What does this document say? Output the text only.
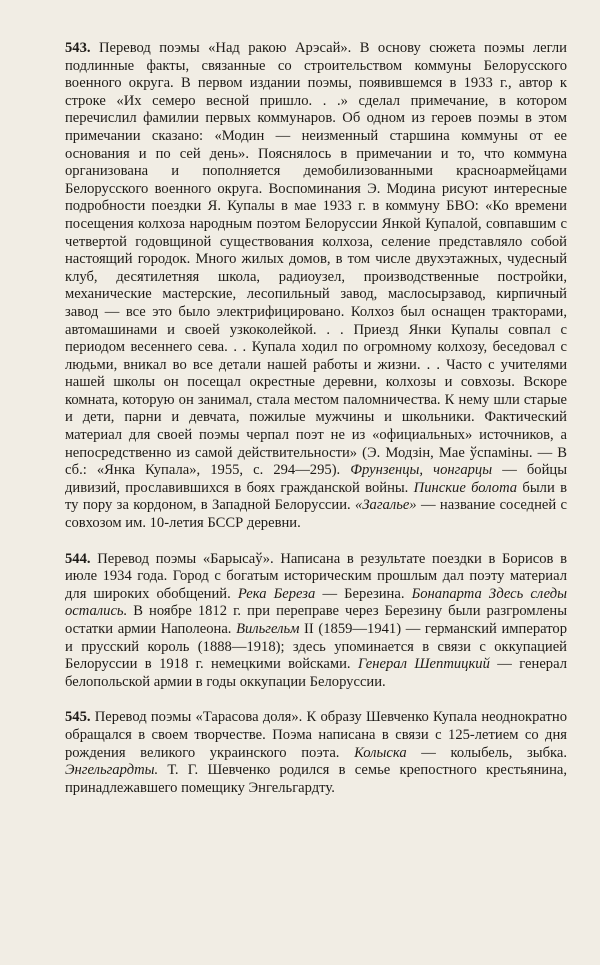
543. Перевод поэмы «Над ракою Арэсай». В основу сюжета поэмы легли подлинные факты, связанные со строительством коммуны Белорусского военного округа. В первом издании поэмы, появившемся в 1933 г., автор к строке «Их семеро весной пришло. . .» сделал примечание, в котором перечислил фамилии первых коммунаров. Об одном из героев поэмы в этом примечании сказано: «Модин — неизменный старшина коммуны от ее основания и по сей день». Пояснялось в примечании и то, что коммуна организована и пополняется демобилизованными красноармейцами Белорусского военного округа. Воспоминания Э. Модина рисуют интересные подробности поездки Я. Купалы в мае 1933 г. в коммуну БВО: «Ко времени посещения колхоза народным поэтом Белоруссии Янкой Купалой, совпавшим с четвертой годовщиной существования колхоза, селение представляло собой настоящий городок. Много жилых домов, в том числе двухэтажных, чудесный клуб, десятилетняя школа, радиоузел, производственные постройки, механические мастерские, лесопильный завод, маслосырзавод, кирпичный завод — все это было электрифицировано. Колхоз был оснащен тракторами, автомашинами и своей узкоколейкой. . . Приезд Янки Купалы совпал с периодом весеннего сева. . . Купала ходил по огромному колхозу, беседовал с людьми, вникал во все детали нашей работы и жизни. . . Часто с учителями нашей школы он посещал окрестные деревни, колхозы и совхозы. Вскоре комната, которую он занимал, стала местом паломничества. К нему шли старые и дети, парни и девчата, пожилые мужчины и школьники. Фактический материал для своей поэмы черпал поэт не из «официальных» источников, а непосредственно из самой действительности» (Э. Модзін, Мае ўспаміны. — В сб.: «Янка Купала», 1955, с. 294—295). Фрунзенцы, чонгарцы — бойцы дивизий, прославившихся в боях гражданской войны. Пинские болота были в ту пору за кордоном, в Западной Белоруссии. «Загалье» — название соседней с совхозом им. 10-летия БССР деревни.

544. Перевод поэмы «Барысаў». Написана в результате поездки в Борисов в июле 1934 года. Город с богатым историческим прошлым дал поэту материал для широких обобщений. Река Береза — Березина. Бонапарта Здесь следы остались. В ноябре 1812 г. при переправе через Березину были разгромлены остатки армии Наполеона. Вильгельм II (1859—1941) — германский император и прусский король (1888—1918); здесь упоминается в связи с оккупацией Белоруссии в 1918 г. немецкими войсками. Генерал Шептицкий — генерал белопольской армии в годы оккупации Белоруссии.

545. Перевод поэмы «Тарасова доля». К образу Шевченко Купала неоднократно обращался в своем творчестве. Поэма написана в связи с 125-летием со дня рождения великого украинского поэта. Колыска — колыбель, зыбка. Энгельгардты. Т. Г. Шевченко родился в семье крепостного крестьянина, принадлежавшего помещику Энгельгардту.
